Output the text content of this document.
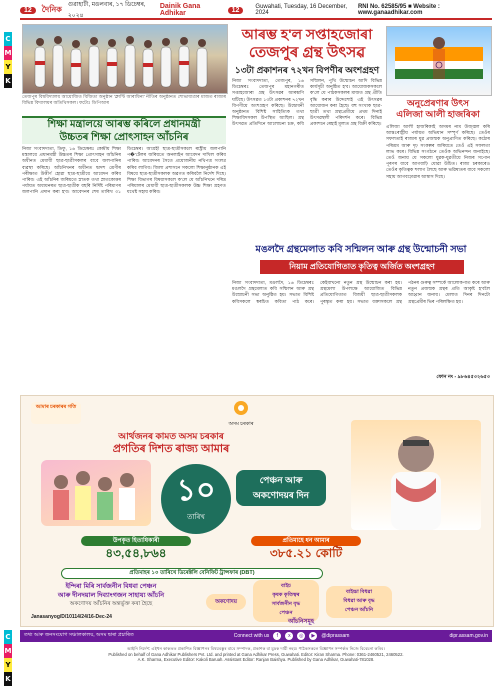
C
M
Y
K
C
M
Y
K
12	দৈনিক গুৱাহাটী, মঙলবাৰ, ১৭ ডিচেম্বৰ, ২০২৪
Dainik Gana Adhikar	12	Guwahati, Tuesday, 16 December, 2024
RNI No. 62585/95 ■ Website : www.ganaadhikar.com
তেজপুৰ বিশ্ববিদ্যালয় আয়োজিত বিজিতা অনুষ্ঠান 'ক্লাণ্টি আৰাধিনা' নীতিৰ অনুষ্ঠানত শোভাযাত্ৰাৰ মাজত ৰাজ্যৰ বিভিন্ন বিদ্যালয়ৰ অতিথিসকল। ফটোঃ ডিপিআৰ
আৰম্ভ হ'ল সপ্তাহজোৰা
তেজপুৰ গ্ৰন্থ উৎসৱ
১৩টা প্ৰকাশনৰ ৭২খন বিপণীৰ অংশগ্ৰহণ
নিজা সংবাদদাতা, তেজপুৰ, ১৬ ডিচেম্বৰঃ তেজপুৰ মহানগৰীত সপ্তাহজোৰা গ্ৰন্থ উৎসৱৰ আৰম্ভণি ঘটিছে। উৎসৱত ১৩টা প্ৰকাশনৰ ৭২খন বিপণীয়ে অংশগ্ৰহণ কৰিছে। উদ্বোধনী অনুষ্ঠানত বিশিষ্ট সাহিত্যিক তথা শিক্ষাবিদসকল উপস্থিত আছিল। গ্ৰন্থ উৎসৱত প্ৰতিদিনে আলোচনা চক্ৰ, কবি সন্মিলন, পুথি উন্মোচন আদি বিভিন্ন কাৰ্যসূচী অনুষ্ঠিত হ'ব। আয়োজকসকলে ক'লে যে পাঠকসকলৰ মাজত গ্ৰন্থ প্ৰীতি বৃদ্ধি কৰাৰ উদ্দেশ্যেই এই উৎসৱৰ আয়োজন কৰা হৈছে। বহু সংখ্যক ছাত্ৰ-ছাত্ৰী তথা গ্ৰন্থপ্ৰেমীয়ে প্ৰথম দিনাই উৎসৱস্থলী পৰিদৰ্শন কৰে। বিভিন্ন প্ৰকাশনে ৰেহাই মূল্যত গ্ৰন্থ বিক্ৰী কৰিছে।
অনুপ্ৰেৰণাৰ উৎস
এলিজা আলী হাজৰিকা
এলিজা আলী হাজৰিকাই অসমৰ নাম উজ্জ্বল কৰি আন্তঃৰাষ্ট্ৰীয় পৰ্যায়ত অভিযান সম্পূৰ্ণ কৰিছে। তেওঁৰ সফলতাই ৰাজ্যৰ যুৱ প্ৰজন্মক অনুপ্ৰাণিত কৰিছে। কঠোৰ পৰিশ্ৰম আৰু দৃঢ় সংকল্পৰ জৰিয়তে তেওঁ এই সফলতা লাভ কৰে। বিভিন্ন সংগঠনে তেওঁক অভিনন্দন জনাইছে। তেওঁ জনায় যে সকলো যুৱক-যুৱতীয়ে নিজৰ সপোন পূৰণৰ বাবে আগবাঢ়ি যোৱা উচিত। ৰাজ্য চৰকাৰেও তেওঁৰ কৃতিত্বক শলাগ লৈছে আৰু ভৱিষ্যতৰ বাবে সকলো সহায় আগবঢ়োৱাৰ আশ্বাস দিছে।
শিক্ষা মন্ত্ৰালয়ে আৰম্ভ কৰিলে প্ৰধানমন্ত্ৰী
উচ্চতৰ শিক্ষা প্ৰোৎসাহন আঁচনিৰ
নিজা সংবাদদাতা, ডিফু, ১৬ ডিচেম্বৰঃ কেন্দ্ৰীয় শিক্ষা মন্ত্ৰালয়ে প্ৰধানমন্ত্ৰী উচ্চতৰ শিক্ষা প্ৰোৎসাহন আঁচনিৰ অধীনত মেধাবী ছাত্ৰ-ছাত্ৰীসকলৰ বাবে জলপানিৰ ব্যৱস্থা কৰিছে। আঁচনিখনৰ অধীনত দ্বাদশ শ্ৰেণীৰ পৰীক্ষাত উত্তীৰ্ণ হোৱা ছাত্ৰ-ছাত্ৰীয়ে আবেদন কৰিব পাৰিব। এই আঁচনিৰ জৰিয়তে স্নাতক তথা স্নাতকোত্তৰ পৰ্যায়ত অধ্যয়নৰত ছাত্ৰ-ছাত্ৰীক বছৰি নিৰ্দিষ্ট পৰিমাণৰ জলপানি প্ৰদান কৰা হ'ব। আবেদনৰ শেষ তাৰিখ ৩১ ডিচেম্বৰ। আগ্ৰহী ছাত্ৰ-ছাত্ৰীসকলে ৰাষ্ট্ৰীয় জলপানি প�'ৰ্টেলৰ জৰিয়তে অনলাইন আবেদন দাখিল কৰিব পাৰিব। আবেদনৰ সৈতে প্ৰয়োজনীয় নথিপত্ৰ সংলগ্ন কৰিব লাগিব। জিলা প্ৰশাসনে সকলো শিক্ষানুষ্ঠানক এই বিষয়ে ছাত্ৰ-ছাত্ৰীসকলক অৱগত কৰিবলৈ নিৰ্দেশ দিছে। শিক্ষা বিভাগৰ বিষয়াসকলে ক'লে যে আঁচনিখনে দৰিদ্ৰ পৰিয়ালৰ মেধাবী ছাত্ৰ-ছাত্ৰীসকলক উচ্চ শিক্ষা গ্ৰহণত যথেষ্ট সহায় কৰিব।
মঙলদৈ গ্ৰন্থমেলাত কবি সন্মিলন আৰু গ্ৰন্থ উন্মোচনী সভা
নিয়াম প্ৰতিযোগিতাত কৃতিত্ব অৰ্জিত অংশগ্ৰহণ
নিজা সংবাদদাতা, মঙলদৈ, ১৬ ডিচেম্বৰঃ মঙলদৈ গ্ৰন্থমেলাত কবি সন্মিলন আৰু গ্ৰন্থ উন্মোচনী সভা অনুষ্ঠিত হয়। সভাত বিশিষ্ট কবিসকলে স্বৰচিত কবিতা পাঠ কৰে। কেইবাখনো নতুন গ্ৰন্থ উন্মোচন কৰা হয়। গ্ৰন্থমেলা উপলক্ষে আয়োজিত বিভিন্ন প্ৰতিযোগিতাত বিজয়ী ছাত্ৰ-ছাত্ৰীসকলক পুৰস্কৃত কৰা হয়। সভাত বক্তাসকলে গ্ৰন্থ পঠনৰ গুৰুত্ব সম্পৰ্কে আলোকপাত কৰে আৰু নতুন প্ৰজন্মক গ্ৰন্থৰ প্ৰতি আকৃষ্ট হ'বলৈ আহ্বান জনায়। মেলাত দিনৰ দিনটো গ্ৰন্থপ্ৰেমীৰ ভিৰ পৰিলক্ষিত হয়।
ফোন নং - ৯৮৬৪৫৩২৬৫৩
আমাৰ চৰকাৰৰ গতি
অসম চৰকাৰ
আৰ্থজনৰ কামত অসম চৰকাৰ
প্ৰগতিৰ দিশত ৰাজ্য আমাৰ
১০
তাৰিখ
পেঞ্চন আৰু
অকণোদয়ৰ দিন
উপকৃত হিতাধিকাৰী
৪৩,৫৪,৮৬৪
প্ৰতিমাহে ধন আমাৰ
৩৮৫.২১ কোটি
প্ৰতিমাহৰ ১০ তাৰিখে ডিৰেক্টলি বেনিফিট ট্ৰান্সফাৰ (DBT)
ইন্দিৰা মিৰি সাৰ্বজনীন বিধবা পেঞ্চন
আৰু দীনদয়াল দিব্যাংগজন সাহায্য আঁচনি
অকণোদয় আঁচনিৰ অন্তৰ্ভুক্ত কৰা হৈছে	অকণোদয়
বাইচ
কৃষক কৃতিত্বৰ
সাৰ্বজনীন বৃদ্ধ
পেঞ্চন
বাইচ্চা বিধৱা
বিধৱা আৰু বৃদ্ধ
পেঞ্চন আঁচনি
Janasanyog/D/10114/24/16-Dec-24
আঁচনিসমূহ
তথ্য আৰু জনসংযোগ সঞ্চালকালয়, অসম দ্বাৰা প্ৰচাৰিত	Connect with us	f	x	◎	▶	@diprassam	dipr.assam.gov.in
আইনি নিৰ্দেশ: এইখন কাকতত প্ৰকাশিত বিজ্ঞাপনৰ বিষয়বস্তুৰ বাবে সম্পাদক, প্ৰকাশক বা মুদ্ৰক দায়ী নহয়। পাঠকসকলে বিজ্ঞাপন সম্পৰ্কত নিজে বিবেচনা কৰিব।
Published on behalf of Gana Adhikar Publishers Pvt. Ltd. and printed at Gana Adhikar Press, Guwahati. Editor: Kiran Sharma. Phone: 0361-2460521, 2460522.
A.K. Sharma, Executive Editor: Kakoli Baruah. Assistant Editor: Ranjan Baishya. Published by Gana Adhikar, Guwahati-781028.
